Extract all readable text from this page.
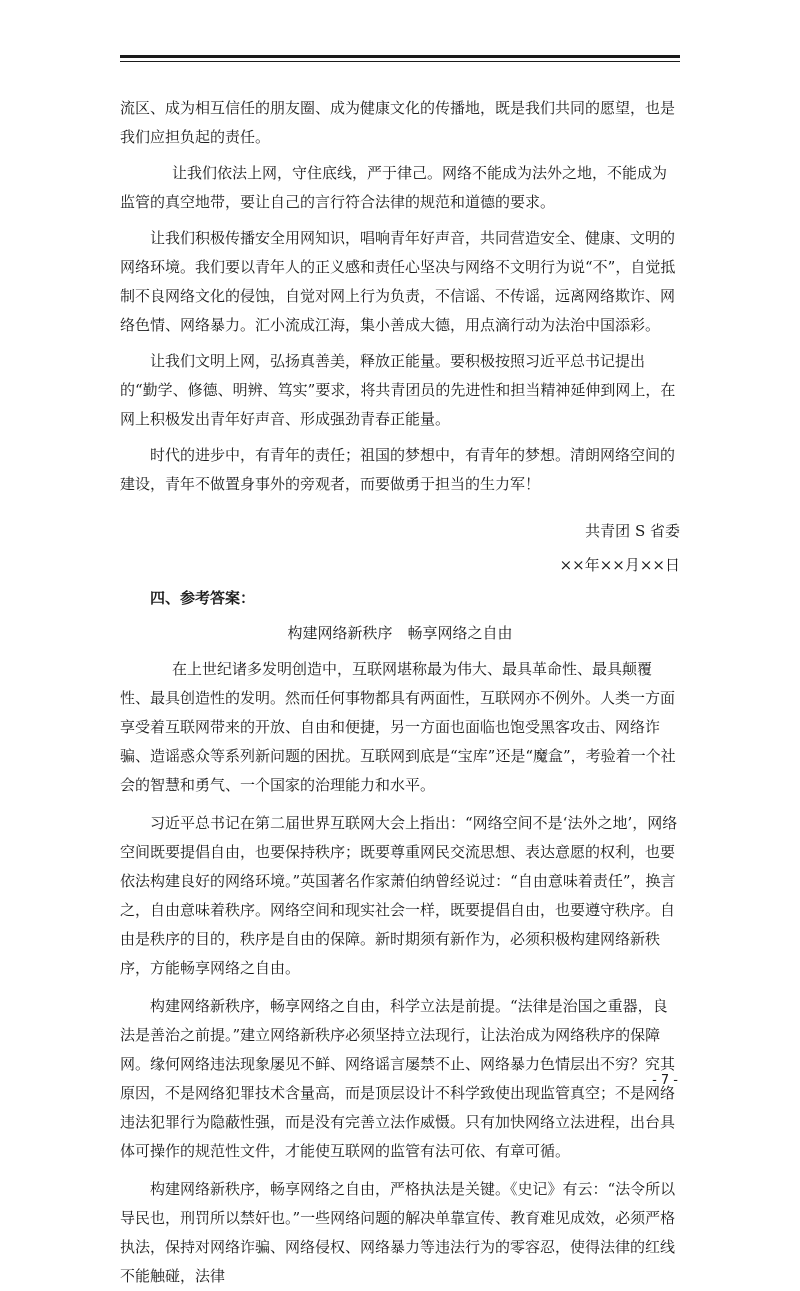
流区、成为相互信任的朋友圈、成为健康文化的传播地，既是我们共同的愿望，也是我们应担负起的责任。

让我们依法上网，守住底线，严于律己。网络不能成为法外之地，不能成为监管的真空地带，要让自己的言行符合法律的规范和道德的要求。

让我们积极传播安全用网知识，唱响青年好声音，共同营造安全、健康、文明的网络环境。我们要以青年人的正义感和责任心坚决与网络不文明行为说“不”，自觉抵制不良网络文化的侵蚀，自觉对网上行为负责，不信谣、不传谣，远离网络欺诈、网络色情、网络暴力。汇小流成江海，集小善成大德，用点滴行动为法治中国添彩。

让我们文明上网，弘扬真善美，释放正能量。要积极按照习近平总书记提出的“勤学、修德、明辨、笃实”要求，将共青团员的先进性和担当精神延伸到网上，在网上积极发出青年好声音、形成强劲青春正能量。

时代的进步中，有青年的责任；祖国的梦想中，有青年的梦想。清朗网络空间的建设，青年不做置身事外的旁观者，而要做勇于担当的生力军！

共青团 S 省委

××年××月××日

四、参考答案：

构建网络新秩序　畅享网络之自由

在上世纪诸多发明创造中，互联网堪称最为伟大、最具革命性、最具颠覆性、最具创造性的发明。然而任何事物都具有两面性，互联网亦不例外。人类一方面享受着互联网带来的开放、自由和便捷，另一方面也面临也饱受黑客攻击、网络诈骗、造谣惑众等系列新问题的困扰。互联网到底是“宝库”还是“魔盒”，考验着一个社会的智慧和勇气、一个国家的治理能力和水平。

习近平总书记在第二届世界互联网大会上指出：“网络空间不是‘法外之地’，网络空间既要提倡自由，也要保持秩序；既要尊重网民交流思想、表达意愿的权利，也要依法构建良好的网络环境。”英国著名作家萧伯纳曾经说过：“自由意味着责任”，换言之，自由意味着秩序。网络空间和现实社会一样，既要提倡自由，也要遵守秩序。自由是秩序的目的，秩序是自由的保障。新时期须有新作为，必须积极构建网络新秩序，方能畅享网络之自由。

构建网络新秩序，畅享网络之自由，科学立法是前提。“法律是治国之重器，良法是善治之前提。”建立网络新秩序必须坚持立法现行，让法治成为网络秩序的保障网。缘何网络违法现象屡见不鲜、网络谣言屡禁不止、网络暴力色情层出不穷？究其原因，不是网络犯罪技术含量高，而是顶层设计不科学致使出现监管真空；不是网络违法犯罪行为隐蔽性强，而是没有完善立法作威慑。只有加快网络立法进程，出台具体可操作的规范性文件，才能使互联网的监管有法可依、有章可循。

构建网络新秩序，畅享网络之自由，严格执法是关键。《史记》有云：“法令所以导民也，刑罚所以禁奸也。”一些网络问题的解决单靠宣传、教育难见成效，必须严格执法，保持对网络诈骗、网络侵权、网络暴力等违法行为的零容忍，使得法律的红线不能触碰，法律

- 7 -
